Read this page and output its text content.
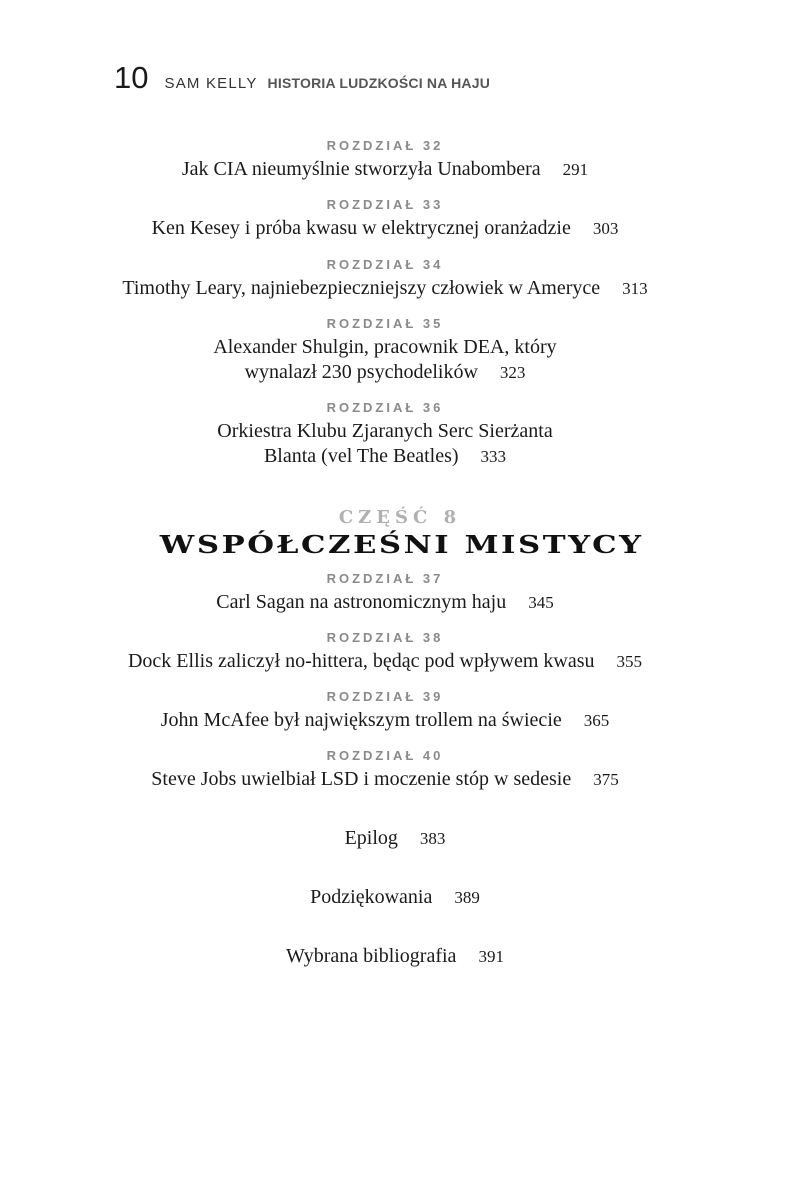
10 SAM KELLY HISTORIA LUDZKOŚCI NA HAJU
ROZDZIAŁ 32
Jak CIA nieumyślnie stworzyła Unabombera 291
ROZDZIAŁ 33
Ken Kesey i próba kwasu w elektrycznej oranżadzie 303
ROZDZIAŁ 34
Timothy Leary, najniebezpieczniejszy człowiek w Ameryce 313
ROZDZIAŁ 35
Alexander Shulgin, pracownik DEA, który
wynalazł 230 psychodelików 323
ROZDZIAŁ 36
Orkiestra Klubu Zjaranych Serc Sierżanta
Blanta (vel The Beatles) 333
CZĘŚĆ 8
WSPÓŁCZEŚNI MISTYCY
ROZDZIAŁ 37
Carl Sagan na astronomicznym haju 345
ROZDZIAŁ 38
Dock Ellis zaliczył no-hittera, będąc pod wpływem kwasu 355
ROZDZIAŁ 39
John McAfee był największym trollem na świecie 365
ROZDZIAŁ 40
Steve Jobs uwielbiał LSD i moczenie stóp w sedesie 375
Epilog 383
Podziękowania 389
Wybrana bibliografia 391
